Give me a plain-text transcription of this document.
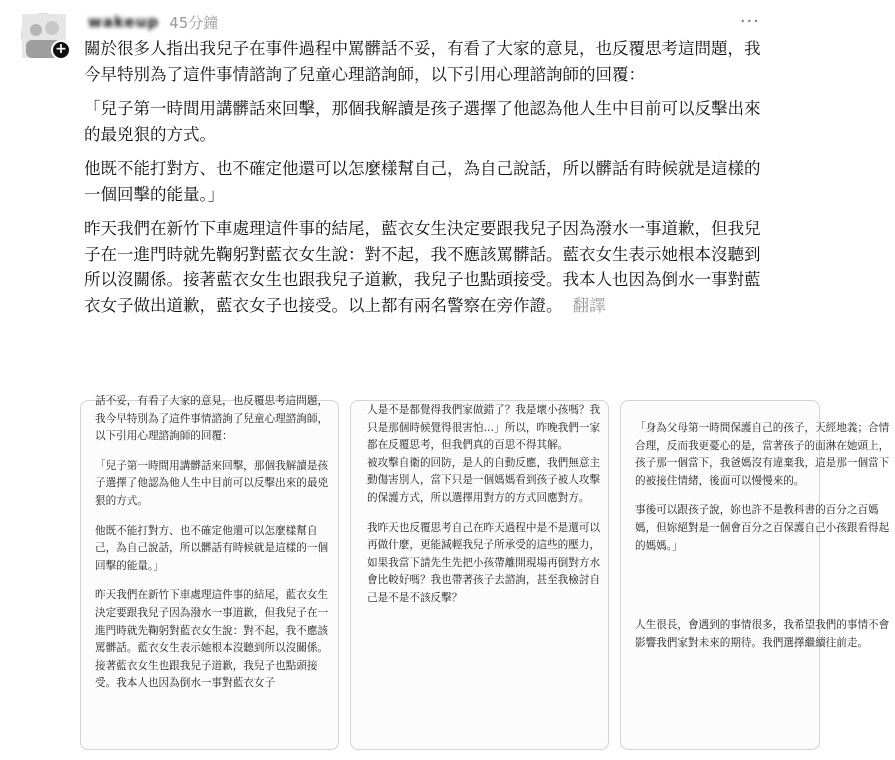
+
wakeup 45分鐘	···

關於很多人指出我兒子在事件過程中罵髒話不妥，有看了大家的意見，也反覆思考這問題，我今早特別為了這件事情諮詢了兒童心理諮詢師，以下引用心理諮詢師的回覆：

「兒子第一時間用講髒話來回擊，那個我解讀是孩子選擇了他認為他人生中目前可以反擊出來的最兇狠的方式。

他既不能打對方、也不確定他還可以怎麼樣幫自己，為自己說話，所以髒話有時候就是這樣的一個回擊的能量。」

昨天我們在新竹下車處理這件事的結尾，藍衣女生決定要跟我兒子因為潑水一事道歉，但我兒子在一進門時就先鞠躬對藍衣女生說：對不起，我不應該罵髒話。藍衣女生表示她根本沒聽到所以沒關係。接著藍衣女生也跟我兒子道歉，我兒子也點頭接受。我本人也因為倒水一事對藍衣女子做出道歉，藍衣女子也接受。以上都有兩名警察在旁作證。 翻譯

話不妥，有看了大家的意見，也反覆思考這問題，我今早特別為了這件事情諮詢了兒童心理諮詢師，以下引用心理諮詢師的回覆：

「兒子第一時間用講髒話來回擊，那個我解讀是孩子選擇了他認為他人生中目前可以反擊出來的最兇狠的方式。

他既不能打對方、也不確定他還可以怎麼樣幫自己，為自己說話，所以髒話有時候就是這樣的一個回擊的能量。」

昨天我們在新竹下車處理這件事的結尾，藍衣女生決定要跟我兒子因為潑水一事道歉，但我兒子在一進門時就先鞠躬對藍衣女生說：對不起，我不應該罵髒話。藍衣女生表示她根本沒聽到所以沒關係。接著藍衣女生也跟我兒子道歉，我兒子也點頭接受。我本人也因為倒水一事對藍衣女子

人是不是都覺得我們家做錯了？我是壞小孩嗎？我只是那個時候覺得很害怕…」所以，昨晚我們一家都在反覆思考，但我們真的百思不得其解。
被攻擊自衛的回防，是人的自動反應，我們無意主動傷害別人，當下只是一個媽媽看到孩子被人攻擊的保護方式，所以選擇用對方的方式回應對方。

我昨天也反覆思考自己在昨天過程中是不是還可以再做什麼，更能減輕我兒子所承受的這些的壓力，如果我當下請先生先把小孩帶離開現場再倒對方水會比較好嗎？我也帶著孩子去諮詢，甚至我檢討自己是不是不該反擊？

「身為父母第一時間保護自己的孩子，天經地義；合情合理，反而我更憂心的是，當著孩子的面淋在她頭上，孩子那一個當下，我爸媽沒有違棄我，這是那一個當下的被接住情緒，後面可以慢慢來的。

事後可以跟孩子說，妳也許不是教科書的百分之百媽媽，但妳絕對是一個會百分之百保護自己小孩跟看得起的媽媽。」

人生很長，會遇到的事情很多，我希望我們的事情不會影響我們家對未來的期待。我們選擇繼續往前走。
